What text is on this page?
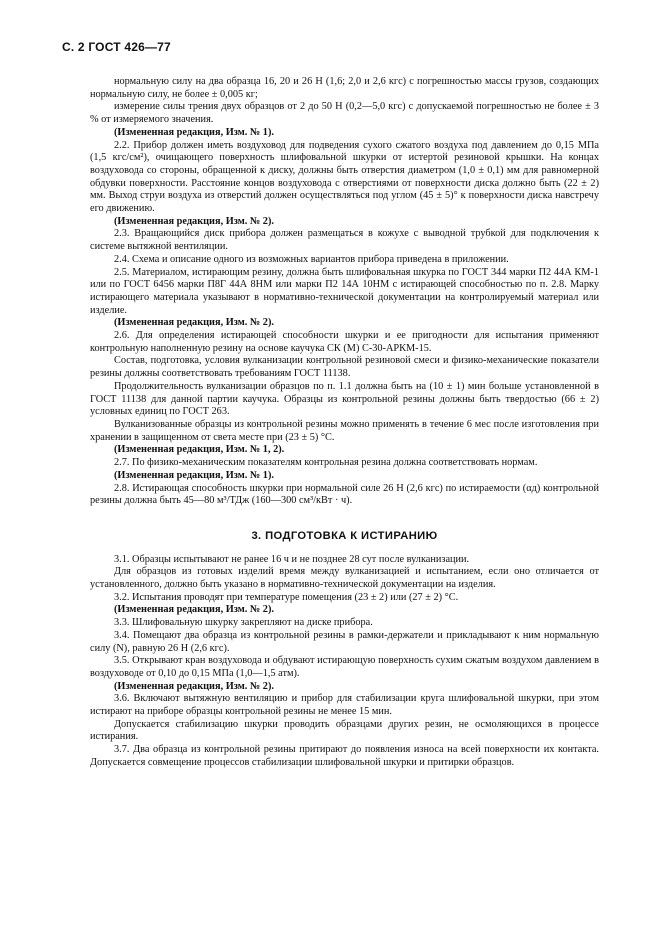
С. 2 ГОСТ 426—77

нормальную силу на два образца 16, 20 и 26 Н (1,6; 2,0 и 2,6 кгс) с погрешностью массы грузов, создающих нормальную силу, не более ± 0,005 кг;

измерение силы трения двух образцов от 2 до 50 Н (0,2—5,0 кгс) с допускаемой погрешностью не более ± 3 % от измеряемого значения.

(Измененная редакция, Изм. № 1).

2.2. Прибор должен иметь воздуховод для подведения сухого сжатого воздуха под давлением до 0,15 МПа (1,5 кгс/см²), очищающего поверхность шлифовальной шкурки от истертой резиновой крышки. На концах воздуховода со стороны, обращенной к диску, должны быть отверстия диаметром (1,0 ± 0,1) мм для равномерной обдувки поверхности. Расстояние концов воздуховода с отверстиями от поверхности диска должно быть (22 ± 2) мм. Выход струи воздуха из отверстий должен осуществляться под углом (45 ± 5)° к поверхности диска навстречу его движению.

(Измененная редакция, Изм. № 2).

2.3. Вращающийся диск прибора должен размещаться в кожухе с выводной трубкой для подключения к системе вытяжной вентиляции.

2.4. Схема и описание одного из возможных вариантов прибора приведена в приложении.

2.5. Материалом, истирающим резину, должна быть шлифовальная шкурка по ГОСТ 344 марки П2 44А КМ-1 или по ГОСТ 6456 марки П8Г 44А 8НМ или марки П2 14А 10НМ с истирающей способностью по п. 2.8. Марку истирающего материала указывают в нормативно-технической документации на контролируемый материал или изделие.

(Измененная редакция, Изм. № 2).

2.6. Для определения истирающей способности шкурки и ее пригодности для испытания применяют контрольную наполненную резину на основе каучука СК (М) С-30-АРКМ-15.

Состав, подготовка, условия вулканизации контрольной резиновой смеси и физико-механические показатели резины должны соответствовать требованиям ГОСТ 11138.

Продолжительность вулканизации образцов по п. 1.1 должна быть на (10 ± 1) мин больше установленной в ГОСТ 11138 для данной партии каучука. Образцы из контрольной резины должны быть твердостью (66 ± 2) условных единиц по ГОСТ 263.

Вулканизованные образцы из контрольной резины можно применять в течение 6 мес после изготовления при хранении в защищенном от света месте при (23 ± 5) °С.

(Измененная редакция, Изм. № 1, 2).

2.7. По физико-механическим показателям контрольная резина должна соответствовать нормам.

(Измененная редакция, Изм. № 1).

2.8. Истирающая способность шкурки при нормальной силе 26 Н (2,6 кгс) по истираемости (αд) контрольной резины должна быть 45—80 м³/ТДж (160—300 см³/кВт · ч).

3. ПОДГОТОВКА К ИСТИРАНИЮ

3.1. Образцы испытывают не ранее 16 ч и не позднее 28 сут после вулканизации.

Для образцов из готовых изделий время между вулканизацией и испытанием, если оно отличается от установленного, должно быть указано в нормативно-технической документации на изделия.

3.2. Испытания проводят при температуре помещения (23 ± 2) или (27 ± 2) °С.

(Измененная редакция, Изм. № 2).

3.3. Шлифовальную шкурку закрепляют на диске прибора.

3.4. Помещают два образца из контрольной резины в рамки-держатели и прикладывают к ним нормальную силу (N), равную 26 Н (2,6 кгс).

3.5. Открывают кран воздуховода и обдувают истирающую поверхность сухим сжатым воздухом давлением в воздуховоде от 0,10 до 0,15 МПа (1,0—1,5 атм).

(Измененная редакция, Изм. № 2).

3.6. Включают вытяжную вентиляцию и прибор для стабилизации круга шлифовальной шкурки, при этом истирают на приборе образцы контрольной резины не менее 15 мин.

Допускается стабилизацию шкурки проводить образцами других резин, не осмоляющихся в процессе истирания.

3.7. Два образца из контрольной резины притирают до появления износа на всей поверхности их контакта. Допускается совмещение процессов стабилизации шлифовальной шкурки и притирки образцов.
